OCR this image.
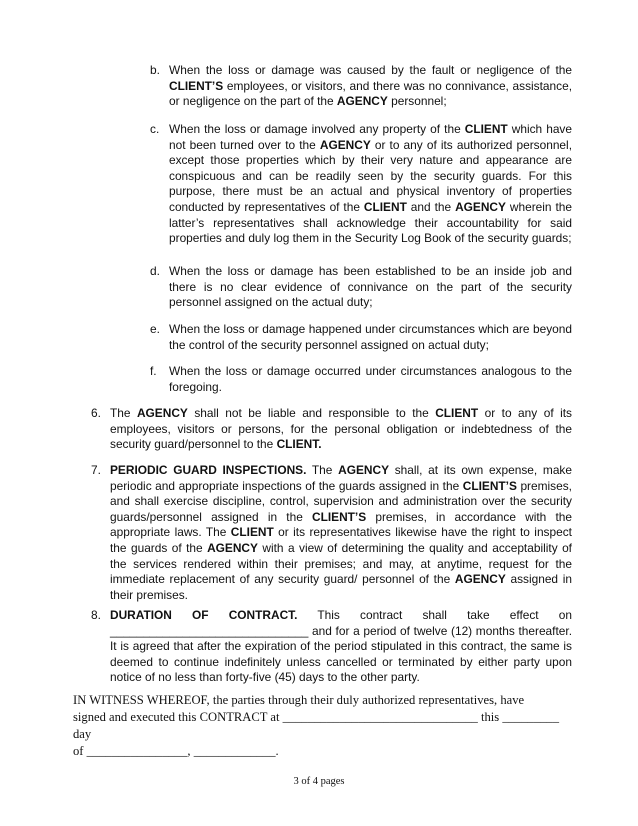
b. When the loss or damage was caused by the fault or negligence of the CLIENT’S employees, or visitors, and there was no connivance, assistance, or negligence on the part of the AGENCY personnel;
c. When the loss or damage involved any property of the CLIENT which have not been turned over to the AGENCY or to any of its authorized personnel, except those properties which by their very nature and appearance are conspicuous and can be readily seen by the security guards. For this purpose, there must be an actual and physical inventory of properties conducted by representatives of the CLIENT and the AGENCY wherein the latter’s representatives shall acknowledge their accountability for said properties and duly log them in the Security Log Book of the security guards;
d. When the loss or damage has been established to be an inside job and there is no clear evidence of connivance on the part of the security personnel assigned on the actual duty;
e. When the loss or damage happened under circumstances which are beyond the control of the security personnel assigned on actual duty;
f. When the loss or damage occurred under circumstances analogous to the foregoing.
6. The AGENCY shall not be liable and responsible to the CLIENT or to any of its employees, visitors or persons, for the personal obligation or indebtedness of the security guard/personnel to the CLIENT.
7. PERIODIC GUARD INSPECTIONS. The AGENCY shall, at its own expense, make periodic and appropriate inspections of the guards assigned in the CLIENT’S premises, and shall exercise discipline, control, supervision and administration over the security guards/personnel assigned in the CLIENT’S premises, in accordance with the appropriate laws. The CLIENT or its representatives likewise have the right to inspect the guards of the AGENCY with a view of determining the quality and acceptability of the services rendered within their premises; and may, at anytime, request for the immediate replacement of any security guard/ personnel of the AGENCY assigned in their premises.
8. DURATION OF CONTRACT. This contract shall take effect on ______________________________ and for a period of twelve (12) months thereafter. It is agreed that after the expiration of the period stipulated in this contract, the same is deemed to continue indefinitely unless cancelled or terminated by either party upon notice of no less than forty-five (45) days to the other party.
IN WITNESS WHEREOF, the parties through their duly authorized representatives, have
signed and executed this CONTRACT at _______________________________ this _________ day
of ________________, _____________.
3 of 4 pages
